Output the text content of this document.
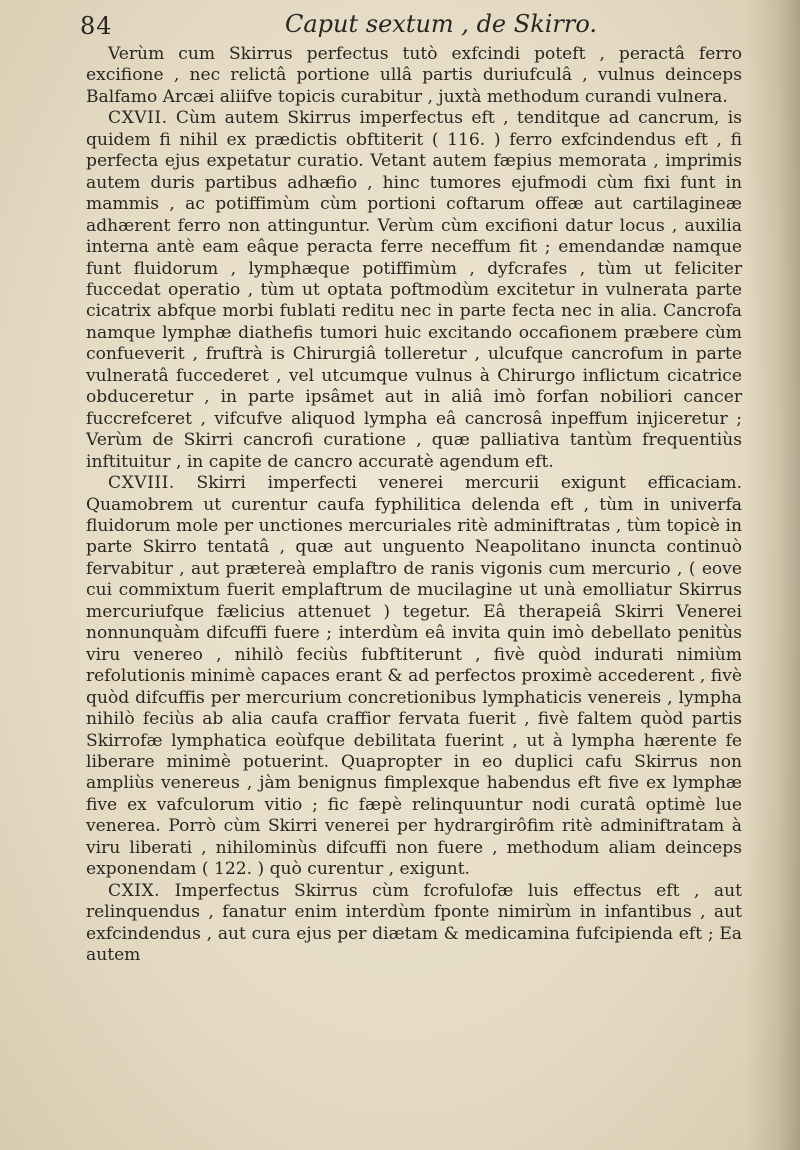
84	Caput sextum , de Skirro.

Verùm cum Skirrus perfectus tutò exfcindi poteft , peractâ ferro excifione , nec relictâ portione ullâ partis duriufculâ , vulnus deinceps Balfamo Arcæi aliifve topicis curabitur , juxtà methodum curandi vulnera.

CXVII. Cùm autem Skirrus imperfectus eft , tenditque ad cancrum, is quidem fi nihil ex prædictis obftiterit ( 116. ) ferro exfcindendus eft , fi perfecta ejus expetatur curatio. Vetant autem fæpius memorata , imprimis autem duris partibus adhæfio , hinc tumores ejufmodi cùm fixi funt in mammis , ac potiffimùm cùm portioni coftarum offeæ aut cartilagineæ adhærent ferro non attinguntur. Verùm cùm excifioni datur locus , auxilia interna antè eam eâque peracta ferre neceffum fit ; emendandæ namque funt fluidorum , lymphæque potiffimùm , dyfcrafes , tùm ut feliciter fuccedat operatio , tùm ut optata poftmodùm excitetur in vulnerata parte cicatrix abfque morbi fublati reditu nec in parte fecta nec in alia. Cancrofa namque lymphæ diathefis tumori huic excitando occafionem præbere cùm confueverit , fruftrà is Chirurgiâ tolleretur , ulcufque cancrofum in parte vulneratâ fuccederet , vel utcumque vulnus à Chirurgo inflictum cicatrice obduceretur , in parte ipsâmet aut in aliâ imò forfan nobiliori cancer fuccrefceret , vifcufve aliquod lympha eâ cancrosâ inpeffum injiceretur ; Verùm de Skirri cancrofi curatione , quæ palliativa tantùm frequentiùs inftituitur , in capite de cancro accuratè agendum eft.

CXVIII. Skirri imperfecti venerei mercurii exigunt efficaciam. Quamobrem ut curentur caufa fyphilitica delenda eft , tùm in univerfa fluidorum mole per unctiones mercuriales ritè adminiftratas , tùm topicè in parte Skirro tentatâ , quæ aut unguento Neapolitano inuncta continuò fervabitur , aut prætereà emplaftro de ranis vigonis cum mercurio , ( eove cui commixtum fuerit emplaftrum de mucilagine ut unà emolliatur Skirrus mercuriufque fælicius attenuet ) tegetur. Eâ therapeiâ Skirri Venerei nonnunquàm difcuffi fuere ; interdùm eâ invita quin imò debellato penitùs viru venereo , nihilò feciùs fubftiterunt , fivè quòd indurati nimiùm refolutionis minimè capaces erant & ad perfectos proximè accederent , fivè quòd difcuffis per mercurium concretionibus lymphaticis venereis , lympha nihilò feciùs ab alia caufa craffior fervata fuerit , fivè faltem quòd partis Skirrofæ lymphatica eoùfque debilitata fuerint , ut à lympha hærente fe liberare minimè potuerint. Quapropter in eo duplici cafu Skirrus non ampliùs venereus , jàm benignus fimplexque habendus eft five ex lymphæ five ex vafculorum vitio ; fic fæpè relinquuntur nodi curatâ optimè lue venerea. Porrò cùm Skirri venerei per hydrargirôfim ritè adminiftratam à viru liberati , nihilominùs difcuffi non fuere , methodum aliam deinceps exponendam ( 122. ) quò curentur , exigunt.

CXIX. Imperfectus Skirrus cùm fcrofulofæ luis effectus eft , aut relinquendus , fanatur enim interdùm fponte nimirùm in infantibus , aut exfcindendus , aut cura ejus per diætam & medicamina fufcipienda eft ; Ea autem
